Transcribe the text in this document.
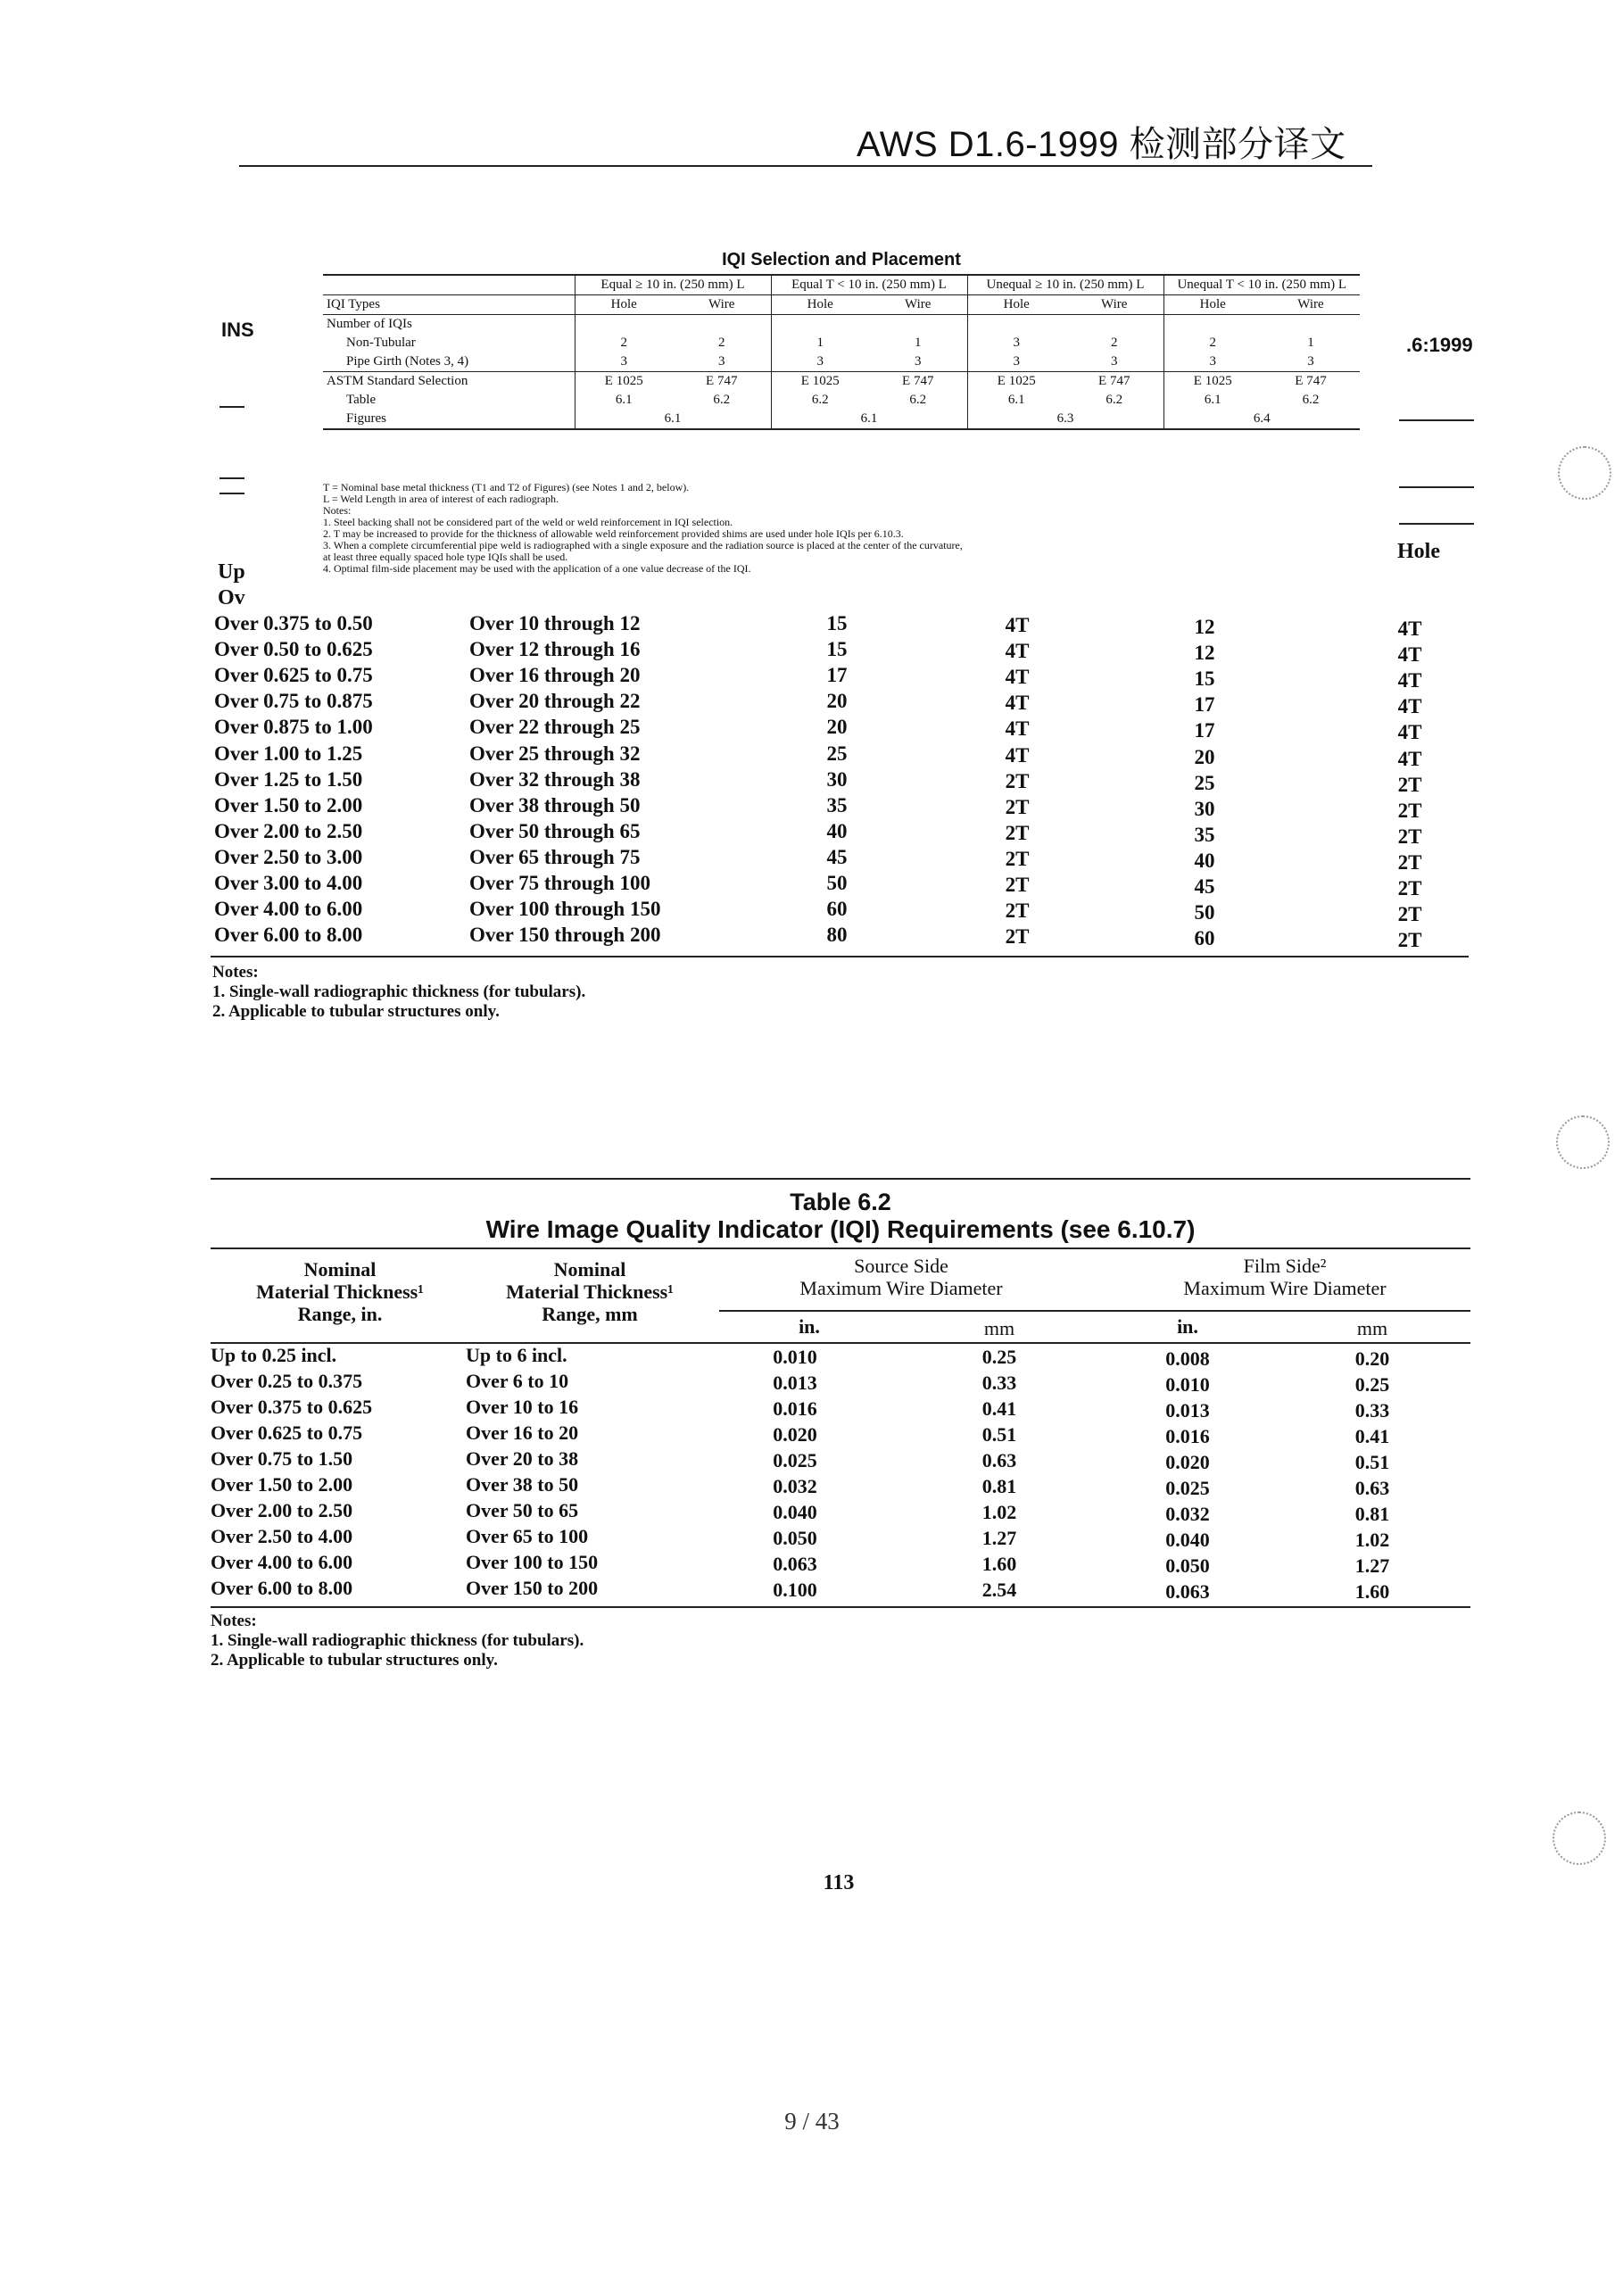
AWS D1.6-1999 检测部分译文
INS
.6:1999
Hole
Up
Ov
IQI Selection and Placement
	Equal ≥ 10 in. (250 mm) L		Equal T < 10 in. (250 mm) L		Unequal ≥ 10 in. (250 mm) L		Unequal T < 10 in. (250 mm) L	
IQI Types	Hole	Wire	Hole	Wire	Hole	Wire	Hole	Wire
Number of IQIs								
Non-Tubular	2	2	1	1	3	2	2	1
Pipe Girth (Notes 3, 4)	3	3	3	3	3	3	3	3
ASTM Standard Selection	E 1025	E 747	E 1025	E 747	E 1025	E 747	E 1025	E 747
Table	6.1	6.2	6.2	6.2	6.1	6.2	6.1	6.2
Figures	6.1		6.1		6.3		6.4	
T = Nominal base metal thickness (T1 and T2 of Figures) (see Notes 1 and 2, below).
L = Weld Length in area of interest of each radiograph.
Notes:
1. Steel backing shall not be considered part of the weld or weld reinforcement in IQI selection.
2. T may be increased to provide for the thickness of allowable weld reinforcement provided shims are used under hole IQIs per 6.10.3.
3. When a complete circumferential pipe weld is radiographed with a single exposure and the radiation source is placed at the center of the curvature,
at least three equally spaced hole type IQIs shall be used.
4. Optimal film-side placement may be used with the application of a one value decrease of the IQI.
Over 0.375 to 0.50	Over 10 through 12	15	4T	12	4T
Over 0.50 to 0.625	Over 12 through 16	15	4T	12	4T
Over 0.625 to 0.75	Over 16 through 20	17	4T	15	4T
Over 0.75 to 0.875	Over 20 through 22	20	4T	17	4T
Over 0.875 to 1.00	Over 22 through 25	20	4T	17	4T
Over 1.00 to 1.25	Over 25 through 32	25	4T	20	4T
Over 1.25 to 1.50	Over 32 through 38	30	2T	25	2T
Over 1.50 to 2.00	Over 38 through 50	35	2T	30	2T
Over 2.00 to 2.50	Over 50 through 65	40	2T	35	2T
Over 2.50 to 3.00	Over 65 through 75	45	2T	40	2T
Over 3.00 to 4.00	Over 75 through 100	50	2T	45	2T
Over 4.00 to 6.00	Over 100 through 150	60	2T	50	2T
Over 6.00 to 8.00	Over 150 through 200	80	2T	60	2T
Notes:
1. Single-wall radiographic thickness (for tubulars).
2. Applicable to tubular structures only.
Table 6.2
Wire Image Quality Indicator (IQI) Requirements (see 6.10.7)
Nominal
Material Thickness¹
Range, in.
Nominal
Material Thickness¹
Range, mm
Source Side
Maximum Wire Diameter
Film Side²
Maximum Wire Diameter
in.	mm	in.	mm
Up to 0.25 incl.	Up to 6 incl.	0.010	0.25	0.008	0.20
Over 0.25 to 0.375	Over 6 to 10	0.013	0.33	0.010	0.25
Over 0.375 to 0.625	Over 10 to 16	0.016	0.41	0.013	0.33
Over 0.625 to 0.75	Over 16 to 20	0.020	0.51	0.016	0.41
Over 0.75 to 1.50	Over 20 to 38	0.025	0.63	0.020	0.51
Over 1.50 to 2.00	Over 38 to 50	0.032	0.81	0.025	0.63
Over 2.00 to 2.50	Over 50 to 65	0.040	1.02	0.032	0.81
Over 2.50 to 4.00	Over 65 to 100	0.050	1.27	0.040	1.02
Over 4.00 to 6.00	Over 100 to 150	0.063	1.60	0.050	1.27
Over 6.00 to 8.00	Over 150 to 200	0.100	2.54	0.063	1.60
Notes:
1. Single-wall radiographic thickness (for tubulars).
2. Applicable to tubular structures only.
113
9 / 43
